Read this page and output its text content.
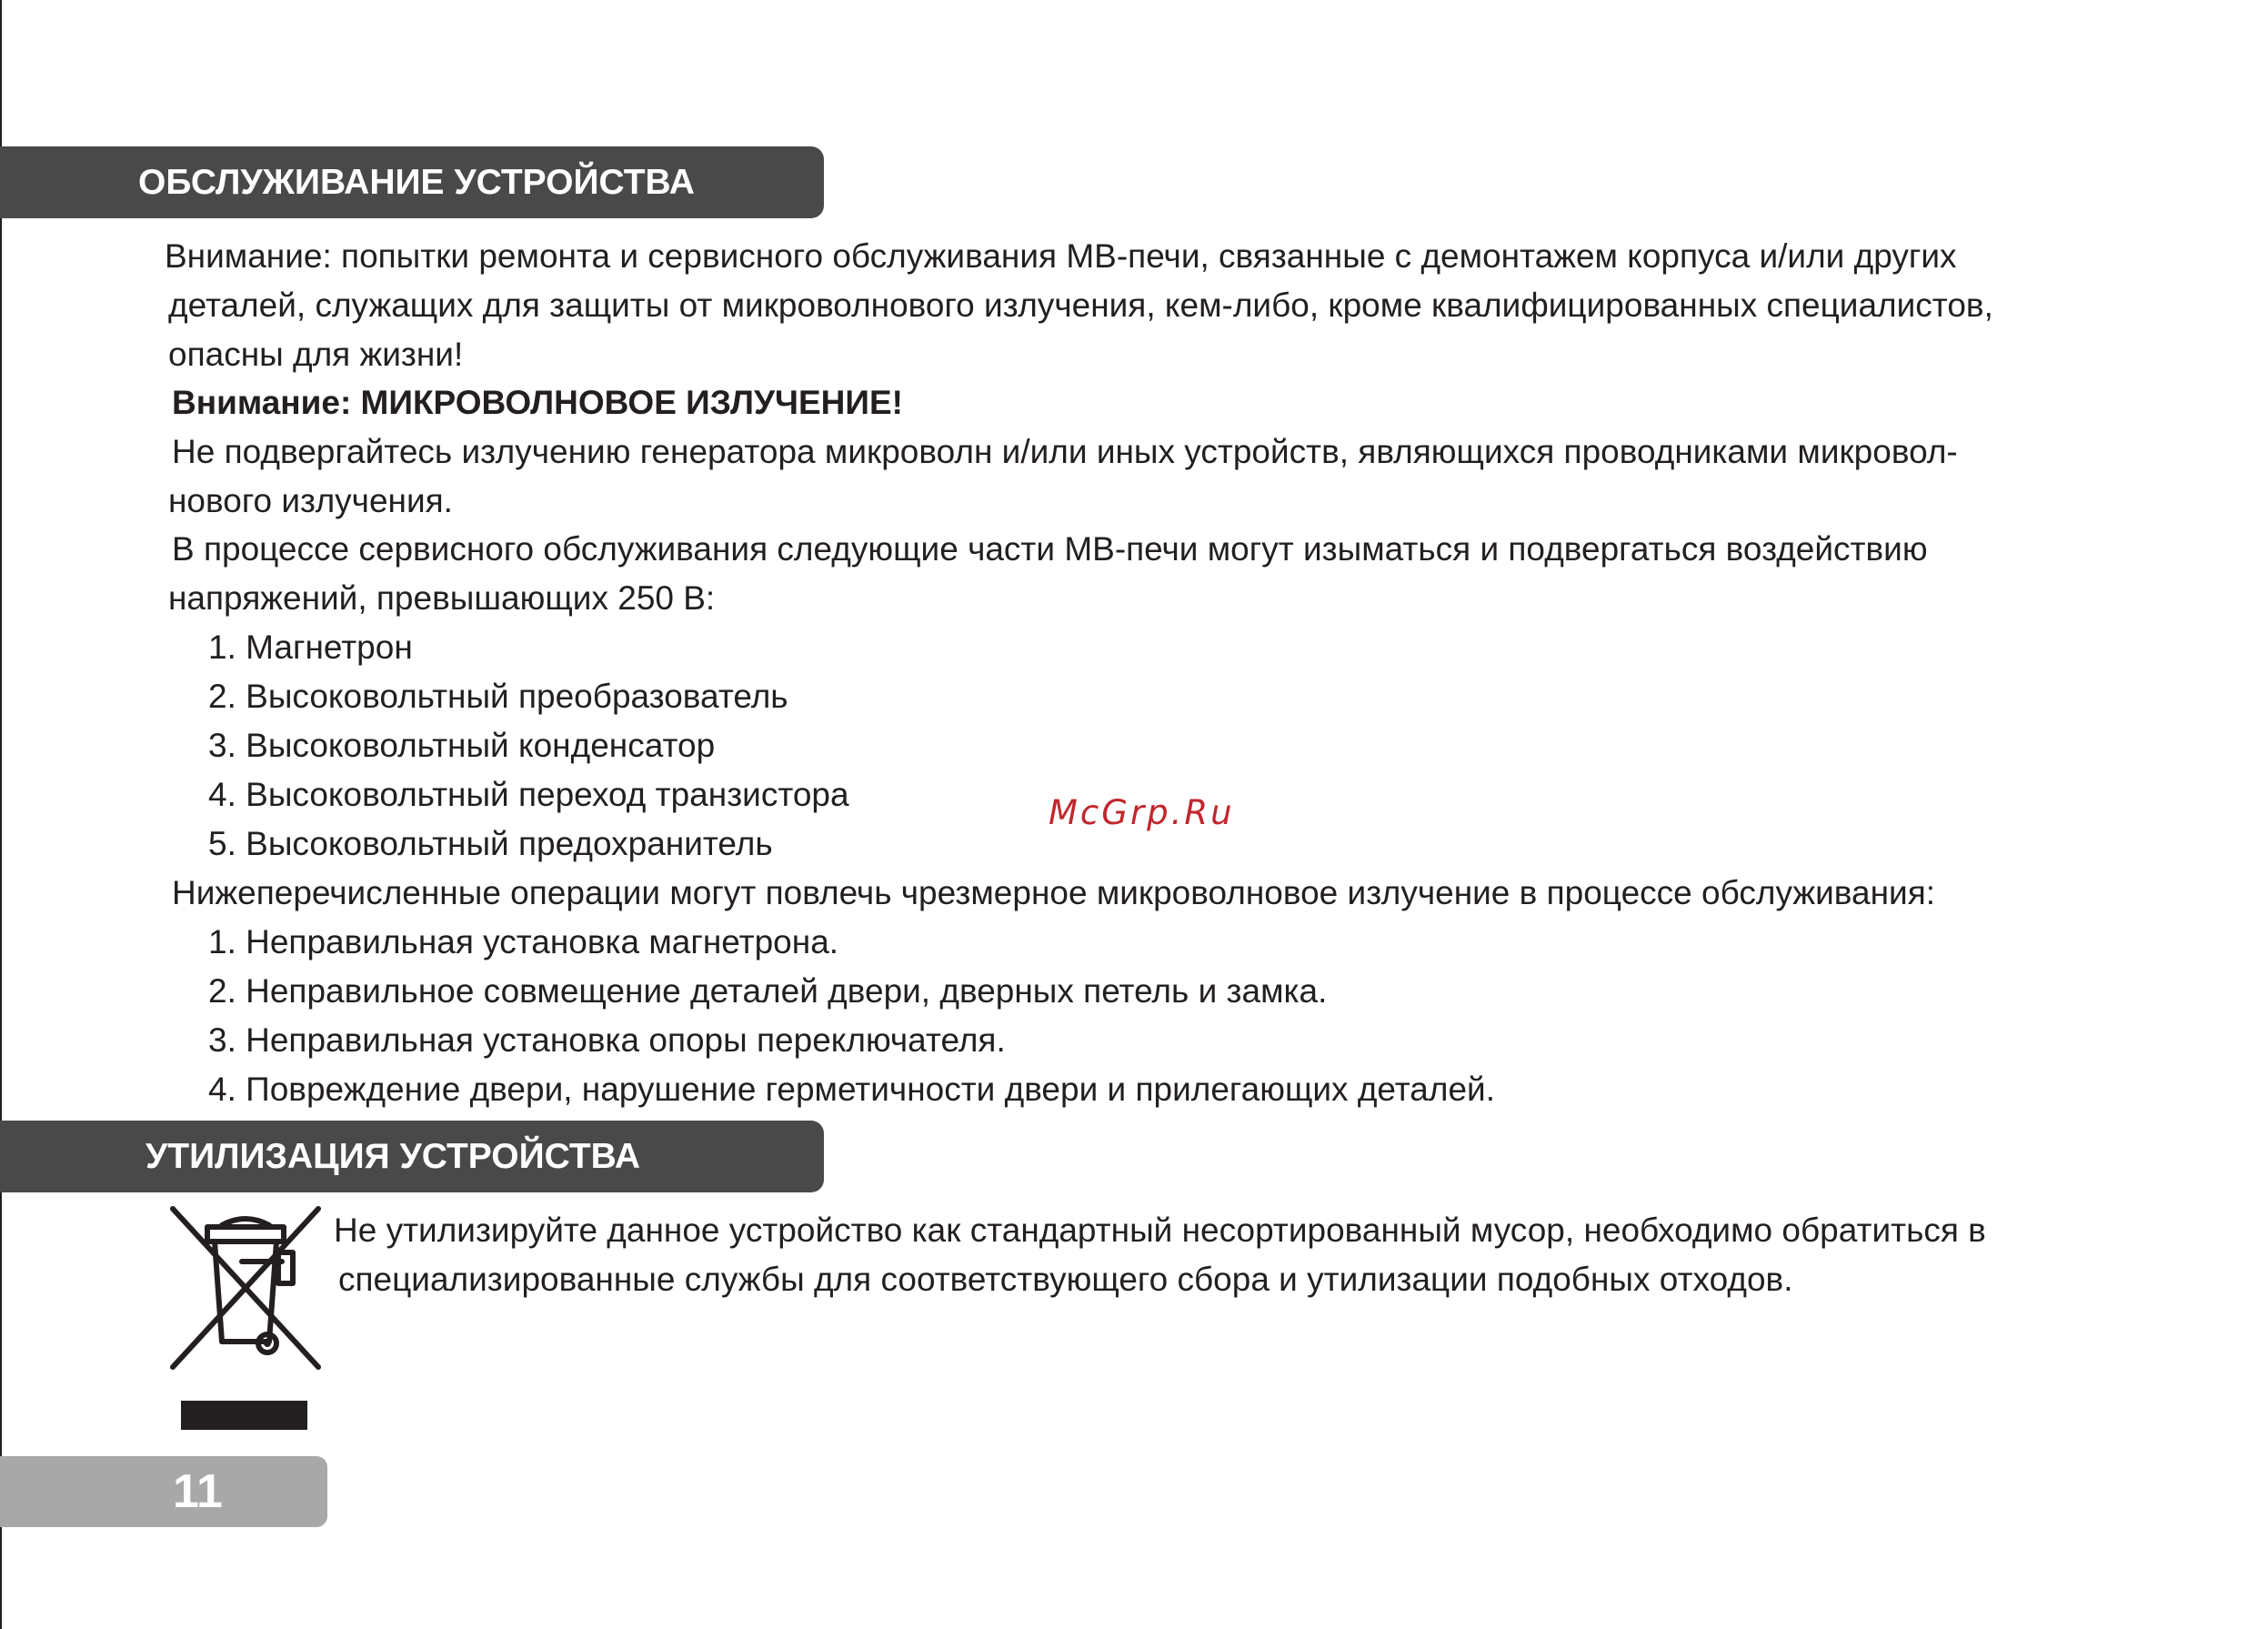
ОБСЛУЖИВАНИЕ УСТРОЙСТВА

Внимание: попытки ремонта и сервисного обслуживания МВ-печи, связанные с демонтажем корпуса и/или других
деталей, служащих для защиты от микроволнового излучения, кем-либо, кроме квалифицированных специалистов,
опасны для жизни!

Внимание: МИКРОВОЛНОВОЕ ИЗЛУЧЕНИЕ!

Не подвергайтесь излучению генератора микроволн и/или иных устройств, являющихся проводниками микровол-
нового излучения.

В процессе сервисного обслуживания следующие части МВ-печи могут изыматься и подвергаться воздействию
напряжений, превышающих 250 В:

1. Магнетрон
2. Высоковольтный преобразователь
3. Высоковольтный конденсатор
4. Высоковольтный переход транзистора
5. Высоковольтный предохранитель
McGrp.Ru

Нижеперечисленные операции могут повлечь чрезмерное микроволновое излучение в процессе обслуживания:

1. Неправильная установка магнетрона.
2. Неправильное совмещение деталей двери, дверных петель и замка.
3. Неправильная установка опоры переключателя.
4. Повреждение двери, нарушение герметичности двери и прилегающих деталей.
УТИЛИЗАЦИЯ УСТРОЙСТВА

Не утилизируйте данное устройство как стандартный несортированный мусор, необходимо обратиться в
специализированные службы для соответствующего сбора и утилизации подобных отходов.

11
